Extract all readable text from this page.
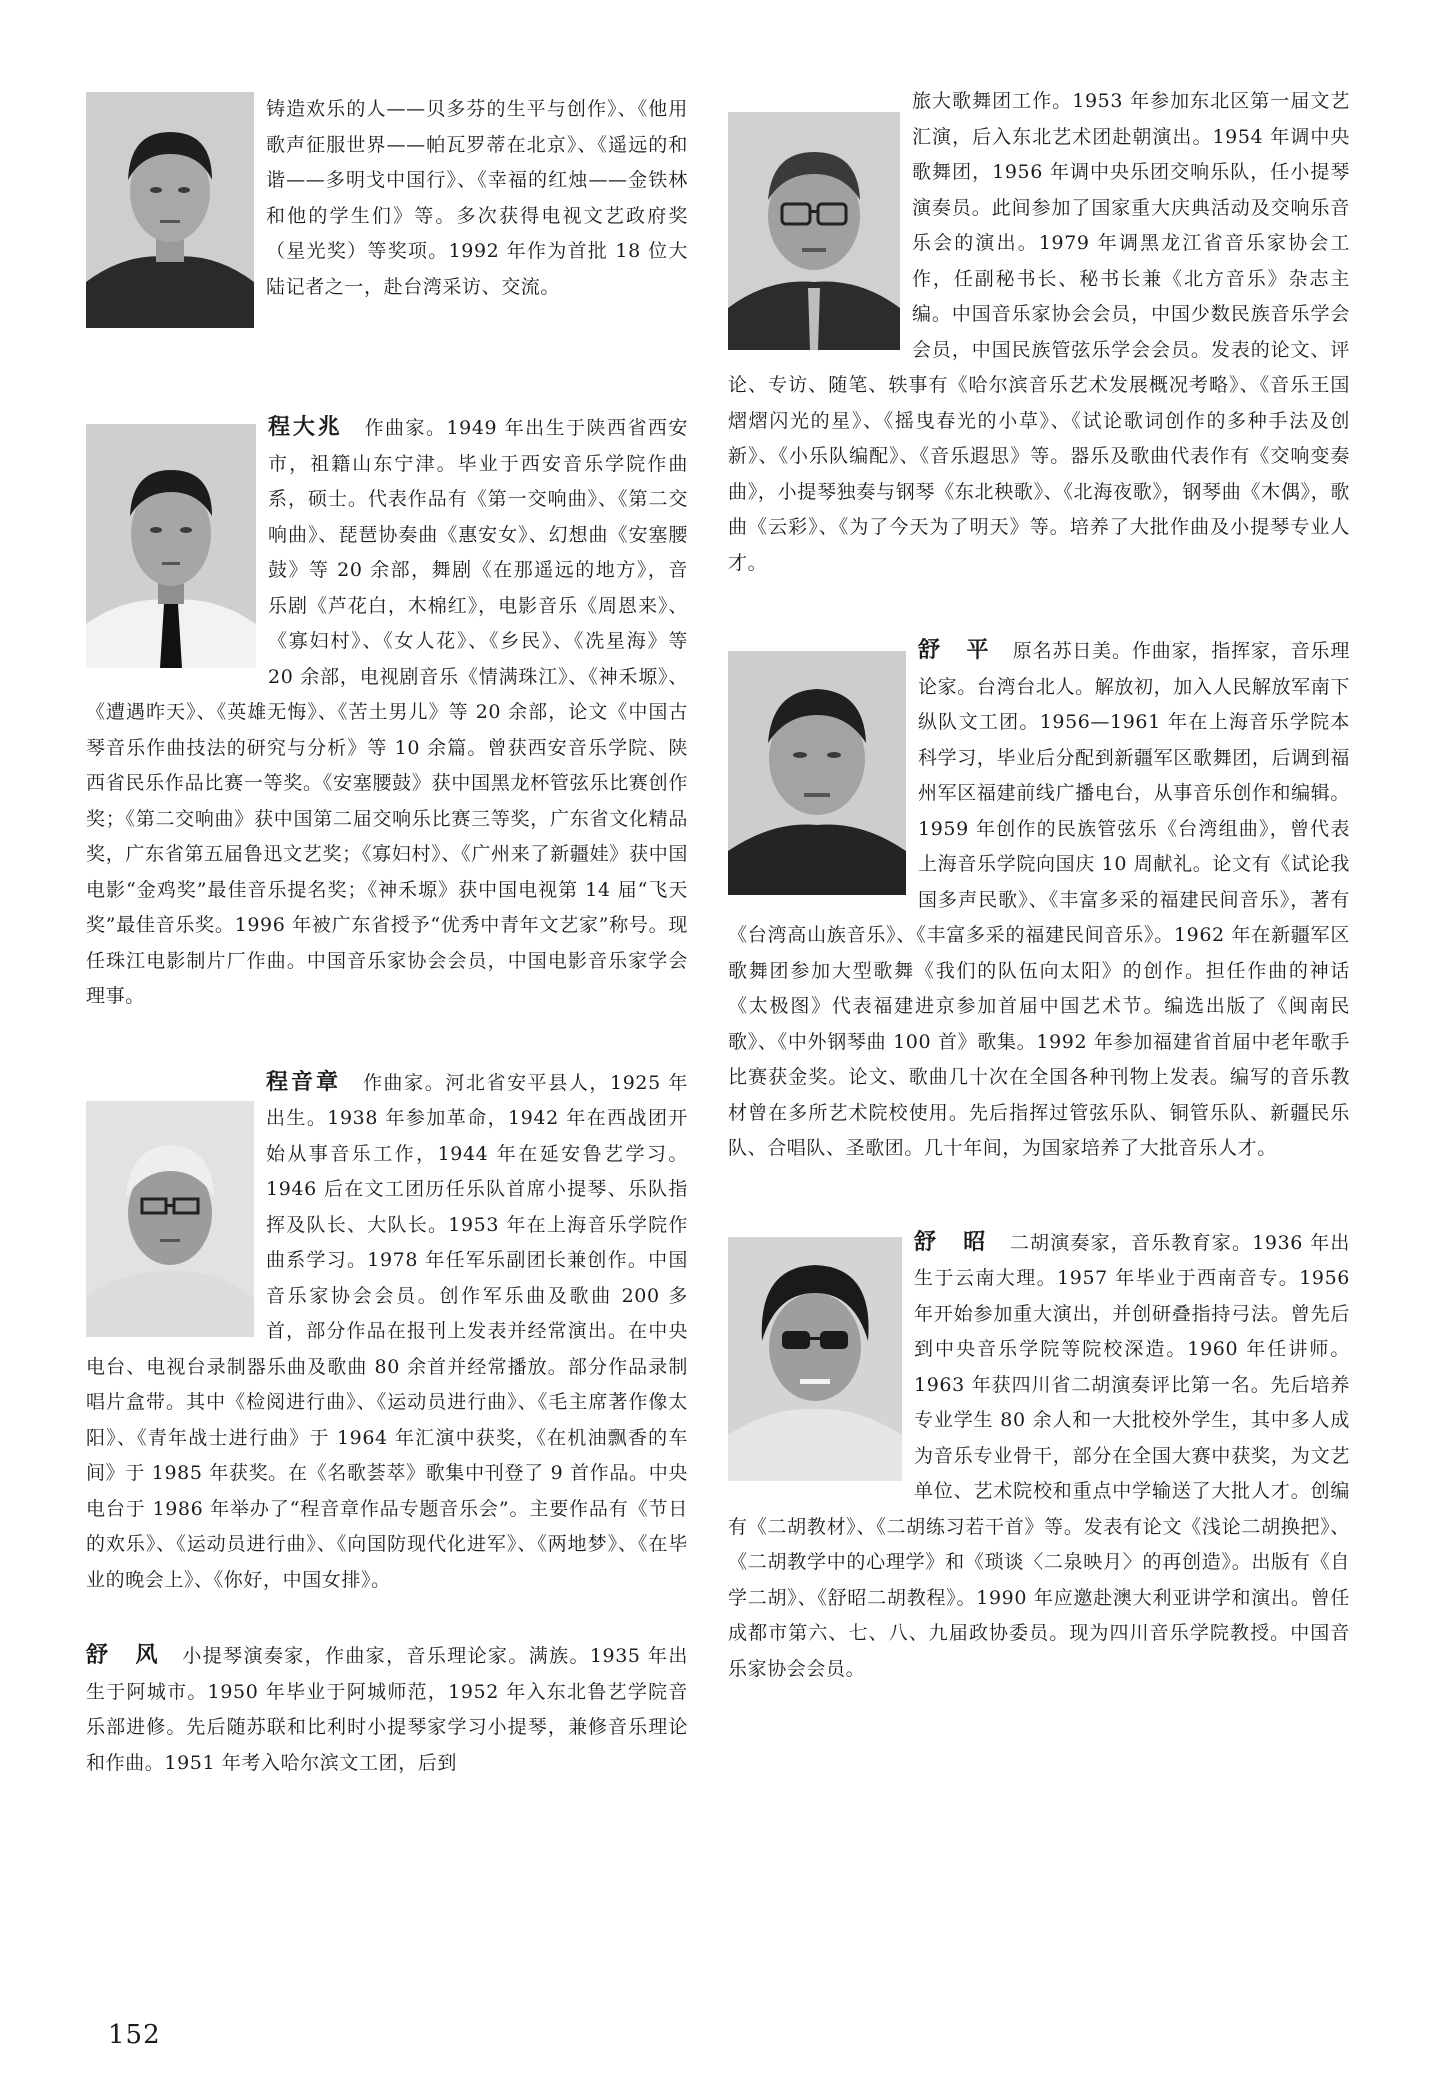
铸造欢乐的人——贝多芬的生平与创作》、《他用歌声征服世界——帕瓦罗蒂在北京》、《遥远的和谐——多明戈中国行》、《幸福的红烛——金铁林和他的学生们》等。多次获得电视文艺政府奖（星光奖）等奖项。1992 年作为首批 18 位大陆记者之一，赴台湾采访、交流。

程大兆 作曲家。1949 年出生于陕西省西安市，祖籍山东宁津。毕业于西安音乐学院作曲系，硕士。代表作品有《第一交响曲》、《第二交响曲》、琵琶协奏曲《惠安女》、幻想曲《安塞腰鼓》等 20 余部，舞剧《在那遥远的地方》，音乐剧《芦花白，木棉红》，电影音乐《周恩来》、《寡妇村》、《女人花》、《乡民》、《冼星海》等 20 余部，电视剧音乐《情满珠江》、《神禾塬》、《遭遇昨天》、《英雄无悔》、《苦土男儿》等 20 余部，论文《中国古琴音乐作曲技法的研究与分析》等 10 余篇。曾获西安音乐学院、陕西省民乐作品比赛一等奖。《安塞腰鼓》获中国黑龙杯管弦乐比赛创作奖；《第二交响曲》获中国第二届交响乐比赛三等奖，广东省文化精品奖，广东省第五届鲁迅文艺奖；《寡妇村》、《广州来了新疆娃》获中国电影“金鸡奖”最佳音乐提名奖；《神禾塬》获中国电视第 14 届“飞天奖”最佳音乐奖。1996 年被广东省授予“优秀中青年文艺家”称号。现任珠江电影制片厂作曲。中国音乐家协会会员，中国电影音乐家学会理事。

程音章 作曲家。河北省安平县人，1925 年出生。1938 年参加革命，1942 年在西战团开始从事音乐工作，1944 年在延安鲁艺学习。1946 后在文工团历任乐队首席小提琴、乐队指挥及队长、大队长。1953 年在上海音乐学院作曲系学习。1978 年任军乐副团长兼创作。中国音乐家协会会员。创作军乐曲及歌曲 200 多首，部分作品在报刊上发表并经常演出。在中央电台、电视台录制器乐曲及歌曲 80 余首并经常播放。部分作品录制唱片盒带。其中《检阅进行曲》、《运动员进行曲》、《毛主席著作像太阳》、《青年战士进行曲》于 1964 年汇演中获奖，《在机油飘香的车间》于 1985 年获奖。在《名歌荟萃》歌集中刊登了 9 首作品。中央电台于 1986 年举办了“程音章作品专题音乐会”。主要作品有《节日的欢乐》、《运动员进行曲》、《向国防现代化进军》、《两地梦》、《在毕业的晚会上》、《你好，中国女排》。

舒　风 小提琴演奏家，作曲家，音乐理论家。满族。1935 年出生于阿城市。1950 年毕业于阿城师范，1952 年入东北鲁艺学院音乐部进修。先后随苏联和比利时小提琴家学习小提琴，兼修音乐理论和作曲。1951 年考入哈尔滨文工团，后到

旅大歌舞团工作。1953 年参加东北区第一届文艺汇演，后入东北艺术团赴朝演出。1954 年调中央歌舞团，1956 年调中央乐团交响乐队，任小提琴演奏员。此间参加了国家重大庆典活动及交响乐音乐会的演出。1979 年调黑龙江省音乐家协会工作，任副秘书长、秘书长兼《北方音乐》杂志主编。中国音乐家协会会员，中国少数民族音乐学会会员，中国民族管弦乐学会会员。发表的论文、评论、专访、随笔、轶事有《哈尔滨音乐艺术发展概况考略》、《音乐王国熠熠闪光的星》、《摇曳春光的小草》、《试论歌词创作的多种手法及创新》、《小乐队编配》、《音乐遐思》等。器乐及歌曲代表作有《交响变奏曲》，小提琴独奏与钢琴《东北秧歌》、《北海夜歌》，钢琴曲《木偶》，歌曲《云彩》、《为了今天为了明天》等。培养了大批作曲及小提琴专业人才。

舒　平 原名苏日美。作曲家，指挥家，音乐理论家。台湾台北人。解放初，加入人民解放军南下纵队文工团。1956—1961 年在上海音乐学院本科学习，毕业后分配到新疆军区歌舞团，后调到福州军区福建前线广播电台，从事音乐创作和编辑。1959 年创作的民族管弦乐《台湾组曲》，曾代表上海音乐学院向国庆 10 周献礼。论文有《试论我国多声民歌》、《丰富多采的福建民间音乐》，著有《台湾高山族音乐》、《丰富多采的福建民间音乐》。1962 年在新疆军区歌舞团参加大型歌舞《我们的队伍向太阳》的创作。担任作曲的神话《太极图》代表福建进京参加首届中国艺术节。编选出版了《闽南民歌》、《中外钢琴曲 100 首》歌集。1992 年参加福建省首届中老年歌手比赛获金奖。论文、歌曲几十次在全国各种刊物上发表。编写的音乐教材曾在多所艺术院校使用。先后指挥过管弦乐队、铜管乐队、新疆民乐队、合唱队、圣歌团。几十年间，为国家培养了大批音乐人才。

舒　昭 二胡演奏家，音乐教育家。1936 年出生于云南大理。1957 年毕业于西南音专。1956 年开始参加重大演出，并创研叠指持弓法。曾先后到中央音乐学院等院校深造。1960 年任讲师。1963 年获四川省二胡演奏评比第一名。先后培养专业学生 80 余人和一大批校外学生，其中多人成为音乐专业骨干，部分在全国大赛中获奖，为文艺单位、艺术院校和重点中学输送了大批人才。创编有《二胡教材》、《二胡练习若干首》等。发表有论文《浅论二胡换把》、《二胡教学中的心理学》和《琐谈〈二泉映月〉的再创造》。出版有《自学二胡》、《舒昭二胡教程》。1990 年应邀赴澳大利亚讲学和演出。曾任成都市第六、七、八、九届政协委员。现为四川音乐学院教授。中国音乐家协会会员。

152
